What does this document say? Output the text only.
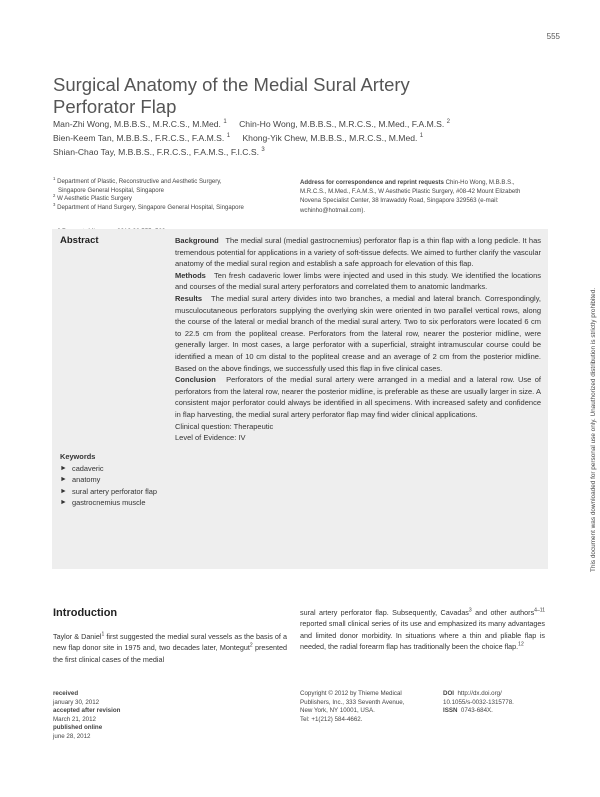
555
Surgical Anatomy of the Medial Sural Artery
Perforator Flap
Man-Zhi Wong, M.B.B.S., M.R.C.S., M.Med. $^1$ Chin-Ho Wong, M.B.B.S., M.R.C.S., M.Med., F.A.M.S. $^2$
Bien-Keem Tan, M.B.B.S., F.R.C.S., F.A.M.S. $^1$ Khong-Yik Chew, M.B.B.S., M.R.C.S., M.Med. $^1$
Shian-Chao Tay, M.B.B.S., F.R.C.S., F.A.M.S., F.I.C.S. $^3$
$^1$ Department of Plastic, Reconstructive and Aesthetic Surgery,
Singapore General Hospital, Singapore
$^2$ W Aesthetic Plastic Surgery
$^3$ Department of Hand Surgery, Singapore General Hospital, Singapore
Address for correspondence and reprint requests Chin-Ho Wong, M.B.B.S., M.R.C.S., M.Med., F.A.M.S., W Aesthetic Plastic Surgery, #08-42 Mount Elizabeth Novena Specialist Center, 38 Irrawaddy Road, Singapore 329563 (e-mail: wchinho@hotmail.com).
Abstract	Background The medial sural (medial gastrocnemius) perforator flap is a thin flap with a long pedicle. It has tremendous potential for applications in a variety of soft-tissue defects. We aimed to further clarify the vascular anatomy of the medial sural region and establish a safe approach for elevation of this flap.

Methods Ten fresh cadaveric lower limbs were injected and used in this study. We identified the locations and courses of the medial sural artery perforators and correlated them to anatomic landmarks.

Results The medial sural artery divides into two branches, a medial and lateral branch. Correspondingly, musculocutaneous perforators supplying the overlying skin were oriented in two parallel vertical rows, along the course of the lateral or medial branch of the medial sural artery. Two to six perforators were located 6 cm to 22.5 cm from the popliteal crease. Perforators from the lateral row, nearer the posterior midline, were generally larger. In most cases, a large perforator with a superficial, straight intramuscular course could be identified a mean of 10 cm distal to the popliteal crease and an average of 2 cm from the posterior midline. Based on the above findings, we successfully used this flap in five clinical cases.

Conclusion Perforators of the medial sural artery were arranged in a medial and a lateral row. Use of perforators from the lateral row, nearer the posterior midline, is preferable as these are usually larger in size. A consistent major perforator could always be identified in all specimens. With increased safety and confidence in flap harvesting, the medial sural artery perforator flap may find wider clinical applications.

Clinical question: Therapeutic

Level of Evidence: IV

Keywords
► cadaveric
► anatomy
► sural artery perforator flap
► gastrocnemius muscle	This document was downloaded for personal use only. Unauthorized distribution is strictly prohibited.
Introduction

Taylor & Daniel$^1$ first suggested the medial sural vessels as the basis of a new flap donor site in 1975 and, two decades later, Montegut$^2$ presented the first clinical cases of the medial

sural artery perforator flap. Subsequently, Cavadas$^3$ and other authors$^{4-11}$ reported small clinical series of its use and emphasized its many advantages and limited donor morbidity. In situations where a thin and pliable flap is needed, the radial forearm flap has traditionally been the choice flap.$^{12}$

received
january 30, 2012
accepted after revision
March 21, 2012
published online
june 28, 2012
Copyright © 2012 by Thieme Medical
Publishers, Inc., 333 Seventh Avenue,
New York, NY 10001, USA.
Tel: +1(212) 584-4662.
DOI http://dx.doi.org/
10.1055/s-0032-1315778.
ISSN 0743-684X.
